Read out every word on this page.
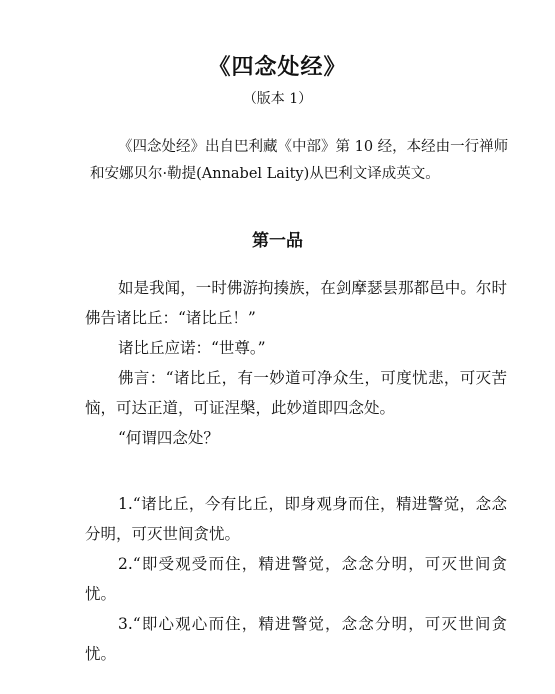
《四念处经》
（版本 1）

《四念处经》出自巴利藏《中部》第 10 经，本经由一行禅师和安娜贝尔·勒提(Annabel Laity)从巴利文译成英文。

第一品

如是我闻，一时佛游拘揍族，在剑摩瑟昙那都邑中。尔时佛告诸比丘：“诸比丘！”

诸比丘应诺：“世尊。”

佛言：“诸比丘，有一妙道可净众生，可度忧悲，可灭苦恼，可达正道，可证涅槃，此妙道即四念处。

“何谓四念处？

1.“诸比丘，今有比丘，即身观身而住，精进警觉，念念分明，可灭世间贪忧。

2.“即受观受而住，精进警觉，念念分明，可灭世间贪忧。

3.“即心观心而住，精进警觉，念念分明，可灭世间贪忧。
